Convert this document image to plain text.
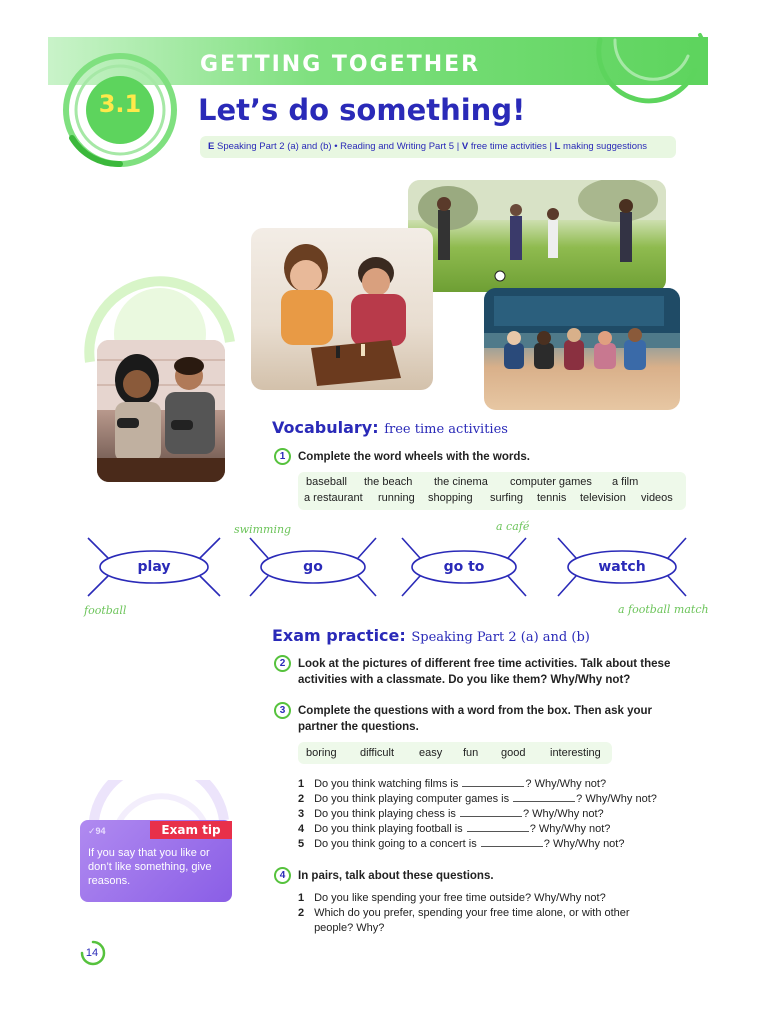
3.1
GETTING TOGETHER
Let’s do something!
E Speaking Part 2 (a) and (b) • Reading and Writing Part 5 | V free time activities | L making suggestions
Vocabulary: free time activities
1	Complete the word wheels with the words.
baseball the beach the cinema computer games a film
a restaurant running shopping surfing tennis television videos
play	go	go to	watch
football
swimming	a café
a football match
Exam practice: Speaking Part 2 (a) and (b)
2	Look at the pictures of different free time activities. Talk about these
activities with a classmate. Do you like them? Why/Why not?
3	Complete the questions with a word from the box. Then ask your
partner the questions.
boring difficult easy fun good interesting
1 Do you think watching films is	? Why/Why not?
2 Do you think playing computer games is	? Why/Why not?
3 Do you think playing chess is	? Why/Why not?
4 Do you think playing football is	? Why/Why not?
5 Do you think going to a concert is	? Why/Why not?
4	In pairs, talk about these questions.
1 Do you like spending your free time outside? Why/Why not?
2 Which do you prefer, spending your free time alone, or with other
people? Why?
Exam tip
✓94
If you say that you like or don’t like something, give reasons.
14
